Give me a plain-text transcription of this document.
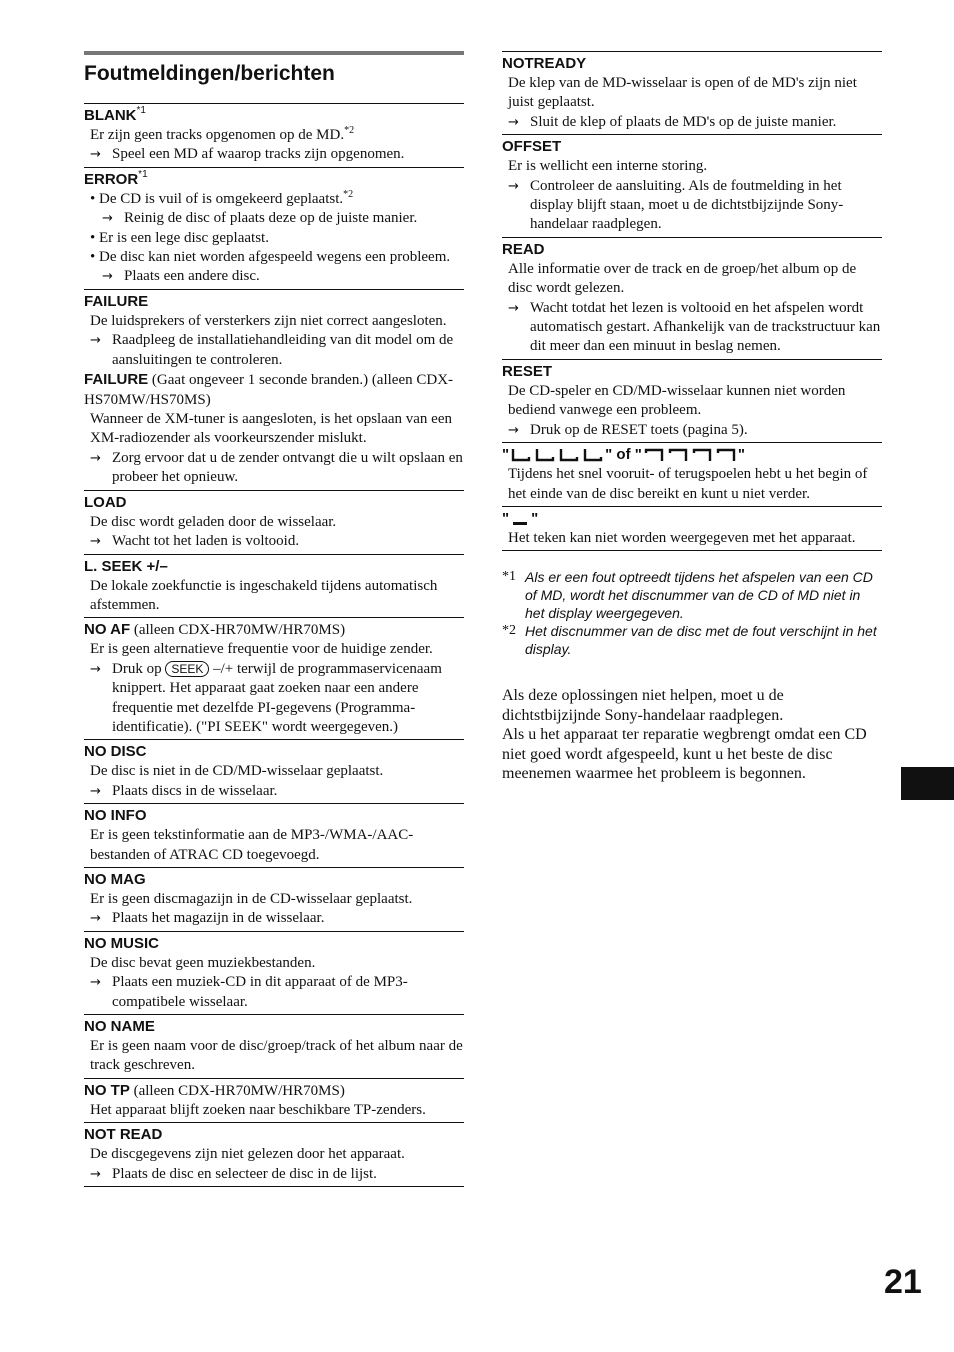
Foutmeldingen/berichten
BLANK$^{*1}$
Er zijn geen tracks opgenomen op de MD.$^{*2}$
→ Speel een MD af waarop tracks zijn opgenomen.
ERROR$^{*1}$
• De CD is vuil of is omgekeerd geplaatst.$^{*2}$
→ Reinig de disc of plaats deze op de juiste manier.
• Er is een lege disc geplaatst.
• De disc kan niet worden afgespeeld wegens een probleem.
→ Plaats een andere disc.
FAILURE
De luidsprekers of versterkers zijn niet correct aangesloten.
→ Raadpleeg de installatiehandleiding van dit model om de aansluitingen te controleren.
FAILURE (Gaat ongeveer 1 seconde branden.) (alleen CDX-HS70MW/HS70MS)
Wanneer de XM-tuner is aangesloten, is het opslaan van een XM-radiozender als voorkeurszender mislukt.
→ Zorg ervoor dat u de zender ontvangt die u wilt opslaan en probeer het opnieuw.
LOAD
De disc wordt geladen door de wisselaar.
→ Wacht tot het laden is voltooid.
L. SEEK +/–
De lokale zoekfunctie is ingeschakeld tijdens automatisch afstemmen.
NO AF (alleen CDX-HR70MW/HR70MS)
Er is geen alternatieve frequentie voor de huidige zender.
→ Druk op SEEK –/+ terwijl de programmaservicenaam knippert. Het apparaat gaat zoeken naar een andere frequentie met dezelfde PI-gegevens (Programma-identificatie). ("PI SEEK" wordt weergegeven.)
NO DISC
De disc is niet in de CD/MD-wisselaar geplaatst.
→ Plaats discs in de wisselaar.
NO INFO
Er is geen tekstinformatie aan de MP3-/WMA-/AAC-bestanden of ATRAC CD toegevoegd.
NO MAG
Er is geen discmagazijn in de CD-wisselaar geplaatst.
→ Plaats het magazijn in de wisselaar.
NO MUSIC
De disc bevat geen muziekbestanden.
→ Plaats een muziek-CD in dit apparaat of de MP3-compatibele wisselaar.
NO NAME
Er is geen naam voor de disc/groep/track of het album naar de track geschreven.
NO TP (alleen CDX-HR70MW/HR70MS)
Het apparaat blijft zoeken naar beschikbare TP-zenders.
NOT READ
De discgegevens zijn niet gelezen door het apparaat.
→ Plaats de disc en selecteer de disc in de lijst.
NOTREADY
De klep van de MD-wisselaar is open of de MD's zijn niet juist geplaatst.
→ Sluit de klep of plaats de MD's op de juiste manier.
OFFSET
Er is wellicht een interne storing.
→ Controleer de aansluiting. Als de foutmelding in het display blijft staan, moet u de dichtstbijzijnde Sony-handelaar raadplegen.
READ
Alle informatie over de track en de groep/het album op de disc wordt gelezen.
→ Wacht totdat het lezen is voltooid en het afspelen wordt automatisch gestart. Afhankelijk van de trackstructuur kan dit meer dan een minuut in beslag nemen.
RESET
De CD-speler en CD/MD-wisselaar kunnen niet worden bediend vanwege een probleem.
→ Druk op de RESET toets (pagina 5).
"	" of "	"
Tijdens het snel vooruit- of terugspoelen hebt u het begin of het einde van de disc bereikt en kunt u niet verder.
" "
Het teken kan niet worden weergegeven met het apparaat.
*1 Als er een fout optreedt tijdens het afspelen van een CD of MD, wordt het discnummer van de CD of MD niet in het display weergegeven.
*2 Het discnummer van de disc met de fout verschijnt in het display.
Als deze oplossingen niet helpen, moet u de dichtstbijzijnde Sony-handelaar raadplegen.
Als u het apparaat ter reparatie wegbrengt omdat een CD niet goed wordt afgespeeld, kunt u het beste de disc meenemen waarmee het probleem is begonnen.
21
